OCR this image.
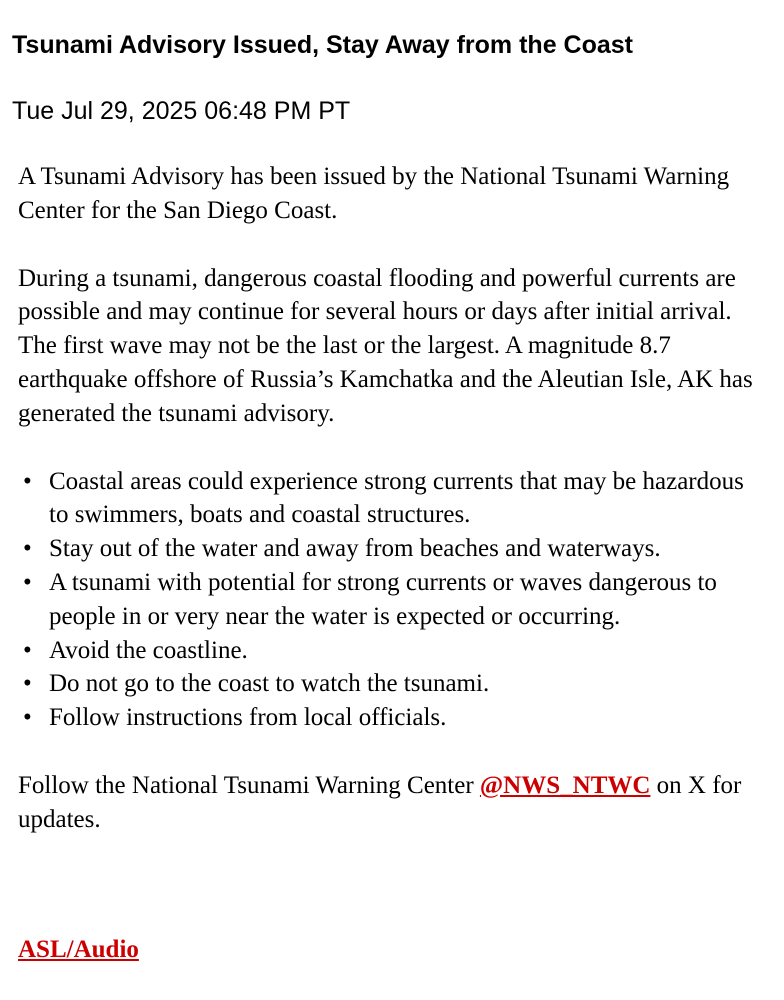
Tsunami Advisory Issued, Stay Away from the Coast

Tue Jul 29, 2025 06:48 PM PT

A Tsunami Advisory has been issued by the National Tsunami Warning Center for the San Diego Coast.

During a tsunami, dangerous coastal flooding and powerful currents are possible and may continue for several hours or days after initial arrival. The first wave may not be the last or the largest. A magnitude 8.7 earthquake offshore of Russia’s Kamchatka and the Aleutian Isle, AK has generated the tsunami advisory.

• Coastal areas could experience strong currents that may be hazardous to swimmers, boats and coastal structures.
• Stay out of the water and away from beaches and waterways.
• A tsunami with potential for strong currents or waves dangerous to people in or very near the water is expected or occurring.
• Avoid the coastline.
• Do not go to the coast to watch the tsunami.
• Follow instructions from local officials.

Follow the National Tsunami Warning Center @NWS_NTWC on X for updates.

ASL/Audio
